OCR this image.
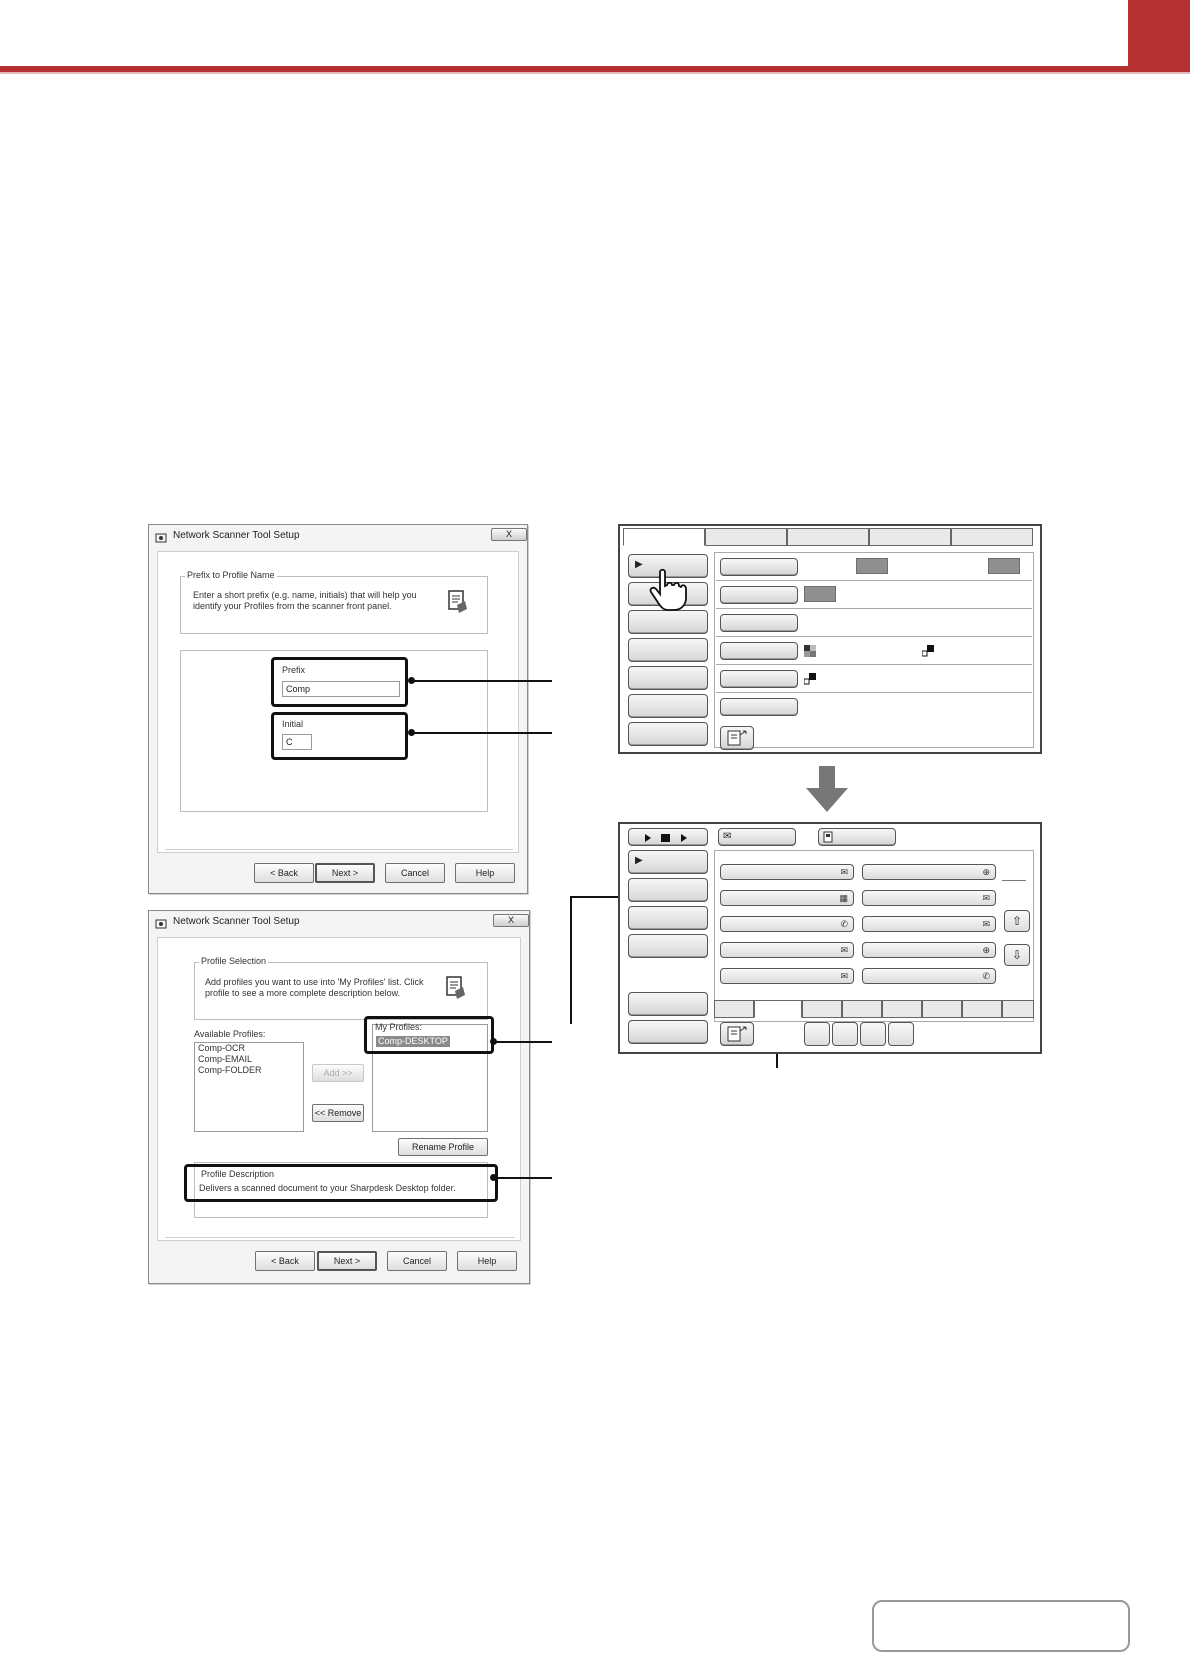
Network Scanner Tool Setup	X
Prefix to Profile Name
Enter a short prefix (e.g. name, initials) that will help you identify your Profiles from the scanner front panel.
Prefix
Comp
Initial
C
< Back	Next >	Cancel	Help
Network Scanner Tool Setup	X
Profile Selection
Add profiles you want to use into 'My Profiles' list. Click profile to see a more complete description below.
Available Profiles:
Comp-OCR
Comp-EMAIL
Comp-FOLDER	Add >>
<< Remove
My Profiles:
Comp-DESKTOP
Rename Profile
Profile Description
Delivers a scanned document to your Sharpdesk Desktop folder.
< Back	Next >	Cancel	Help
▶
✉
▶
✉
▦
✆
✉
✉
⊕
✉
✉
⊕
✆
⇧
⇩
